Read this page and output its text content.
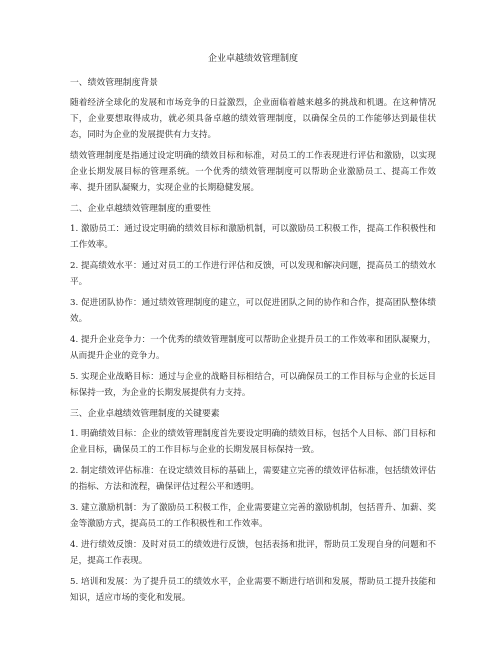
企业卓越绩效管理制度
一、绩效管理制度背景
随着经济全球化的发展和市场竞争的日益激烈，企业面临着越来越多的挑战和机遇。在这种情况下，企业要想取得成功，就必须具备卓越的绩效管理制度，以确保全员的工作能够达到最佳状态，同时为企业的发展提供有力支持。
绩效管理制度是指通过设定明确的绩效目标和标准，对员工的工作表现进行评估和激励，以实现企业长期发展目标的管理系统。一个优秀的绩效管理制度可以帮助企业激励员工、提高工作效率、提升团队凝聚力，实现企业的长期稳健发展。
二、企业卓越绩效管理制度的重要性
1. 激励员工：通过设定明确的绩效目标和激励机制，可以激励员工积极工作，提高工作积极性和工作效率。
2. 提高绩效水平：通过对员工的工作进行评估和反馈，可以发现和解决问题，提高员工的绩效水平。
3. 促进团队协作：通过绩效管理制度的建立，可以促进团队之间的协作和合作，提高团队整体绩效。
4. 提升企业竞争力：一个优秀的绩效管理制度可以帮助企业提升员工的工作效率和团队凝聚力，从而提升企业的竞争力。
5. 实现企业战略目标：通过与企业的战略目标相结合，可以确保员工的工作目标与企业的长远目标保持一致，为企业的长期发展提供有力支持。
三、企业卓越绩效管理制度的关键要素
1. 明确绩效目标：企业的绩效管理制度首先要设定明确的绩效目标，包括个人目标、部门目标和企业目标，确保员工的工作目标与企业的长期发展目标保持一致。
2. 制定绩效评估标准：在设定绩效目标的基础上，需要建立完善的绩效评估标准，包括绩效评估的指标、方法和流程，确保评估过程公平和透明。
3. 建立激励机制：为了激励员工积极工作，企业需要建立完善的激励机制，包括晋升、加薪、奖金等激励方式，提高员工的工作积极性和工作效率。
4. 进行绩效反馈：及时对员工的绩效进行反馈，包括表扬和批评，帮助员工发现自身的问题和不足，提高工作表现。
5. 培训和发展：为了提升员工的绩效水平，企业需要不断进行培训和发展，帮助员工提升技能和知识，适应市场的变化和发展。
